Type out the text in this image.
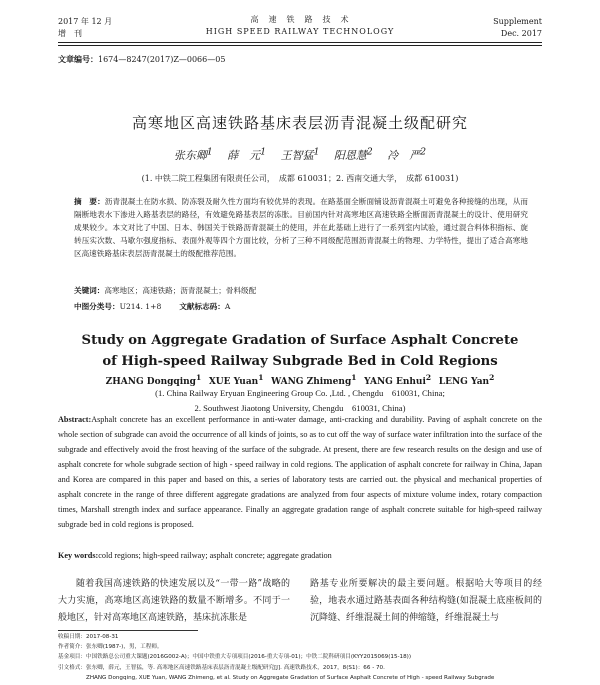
2017 年 12 月
增　刊
高　速　铁　路　技　术
HIGH SPEED RAILWAY TECHNOLOGY
Supplement
Dec. 2017
文章编号：1674—8247(2017)Z—0066—05
高寒地区高速铁路基床表层沥青混凝土级配研究
张东卿$^1$  薛　元$^1$  王智猛$^1$  阳恩慧$^2$  冷　严$^2$
(1. 中铁二院工程集团有限责任公司，　成都 610031；2. 西南交通大学，　成都 610031)
摘　要：沥青混凝土在防水损、防冻裂及耐久性方面均有较优异的表现。在路基面全断面铺设沥青混凝土可避免各种接缝的出现，从而隔断地表水下渗进入路基表层的路径，有效避免路基表层的冻胀。目前国内针对高寒地区高速铁路全断面沥青混凝土的设计、使用研究成果较少。本文对比了中国、日本、韩国关于铁路沥青混凝土的使用，并在此基础上进行了一系列室内试验，通过混合料体积指标、旋转压实次数、马歇尔强度指标、表面外观等四个方面比较，分析了三种不同级配范围沥青混凝土的物理、力学特性，提出了适合高寒地区高速铁路基床表层沥青混凝土的级配推荐范围。
关键词：高寒地区；高速铁路；沥青混凝土；骨料级配
中图分类号：U214. 1+8 文献标志码：A
Study on Aggregate Gradation of Surface Asphalt Concrete
of High-speed Railway Subgrade Bed in Cold Regions
ZHANG Dongqing$^1$  XUE Yuan$^1$  WANG Zhimeng$^1$  YANG Enhui$^2$  LENG Yan$^2$
(1. China Railway Eryuan Engineering Group Co. ,Ltd. , Chengdu　610031, China;
2. Southwest Jiaotong University, Chengdu　610031, China)
Abstract:Asphalt concrete has an excellent performance in anti-water damage, anti-cracking and durability. Paving of asphalt concrete on the whole section of subgrade can avoid the occurrence of all kinds of joints, so as to cut off the way of surface water infiltration into the surface of the subgrade and effectively avoid the frost heaving of the surface of the subgrade. At present, there are few research results on the design and use of asphalt concrete for whole subgrade section of high - speed railway in cold regions. The application of asphalt concrete for railway in China, Japan and Korea are compared in this paper and based on this, a series of laboratory tests are carried out. the physical and mechanical properties of asphalt concrete in the range of three different aggregate gradations are analyzed from four aspects of mixture volume index, rotary compaction times, Marshall strength index and surface appearance. Finally an aggregate gradation range of asphalt concrete suitable for high-speed railway subgrade bed in cold regions is proposed.
Key words:cold regions; high-speed railway; asphalt concrete; aggregate gradation
随着我国高速铁路的快速发展以及“一带一路”战略的大力实施，高寒地区高速铁路的数量不断增多。不同于一般地区，针对高寒地区高速铁路，基床抗冻胀是
路基专业所要解决的最主要问题。根据哈大等项目的经验，地表水通过路基表面各种结构缝(如混凝土底座板间的沉降缝、纤维混凝土间的伸缩缝，纤维混凝土与
收稿日期：2017-08-31
作者简介：张东卿(1987-)，男，工程师。
基金项目：中国铁路总公司重大课题(2016G002-A)；中国中铁重大专项项目(2016-重大专项-01)；中铁二院科研项目(KYY2015069(15-18))
引文格式：张东卿，薛元，王智猛，等. 高寒地区高速铁路基床表层沥青混凝土级配研究[J]. 高速铁路技术，2017，8(S1)：66 - 70.
ZHANG Dongqing, XUE Yuan, WANG Zhimeng, et al. Study on Aggregate Gradation of Surface Asphalt Concrete of High - speed Railway Subgrade
